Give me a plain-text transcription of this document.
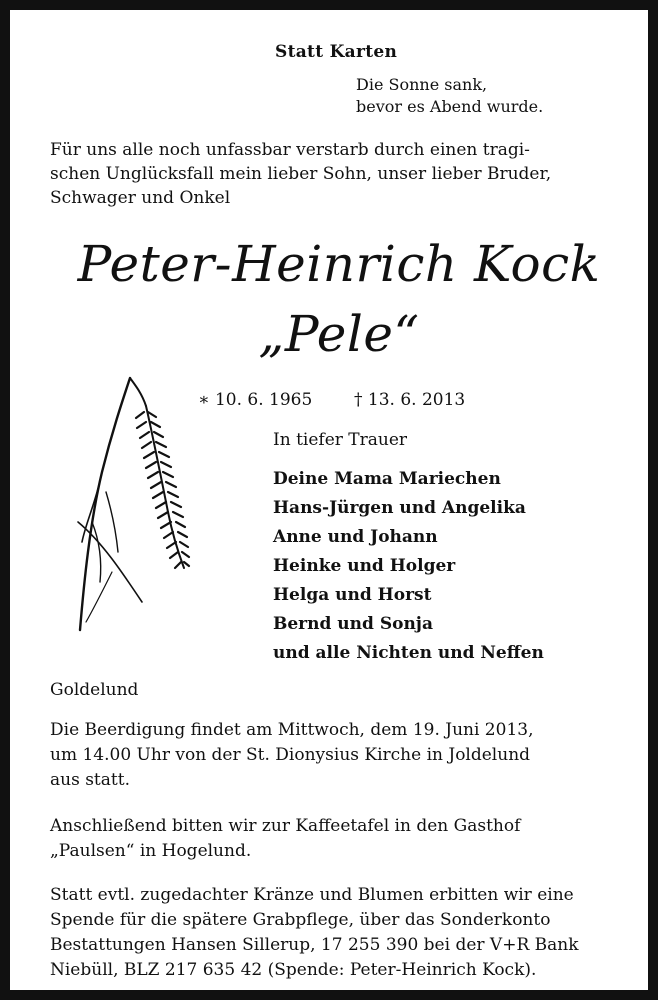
Statt Karten
Die Sonne sank,
bevor es Abend wurde.
Für uns alle noch unfassbar verstarb durch einen tragi-
schen Unglücksfall mein lieber Sohn, unser lieber Bruder,
Schwager und Onkel
Peter-Heinrich Kock
„Pele“
∗ 10. 6. 1965 † 13. 6. 2013
In tiefer Trauer
Deine Mama Mariechen
Hans-Jürgen und Angelika
Anne und Johann
Heinke und Holger
Helga und Horst
Bernd und Sonja
und alle Nichten und Neffen
Goldelund
Die Beerdigung findet am Mittwoch, dem 19. Juni 2013,
um 14.00 Uhr von der St. Dionysius Kirche in Joldelund
aus statt.
Anschließend bitten wir zur Kaffeetafel in den Gasthof
„Paulsen“ in Hogelund.
Statt evtl. zugedachter Kränze und Blumen erbitten wir eine
Spende für die spätere Grabpflege, über das Sonderkonto
Bestattungen Hansen Sillerup, 17 255 390 bei der V+R Bank
Niebüll, BLZ 217 635 42 (Spende: Peter-Heinrich Kock).
